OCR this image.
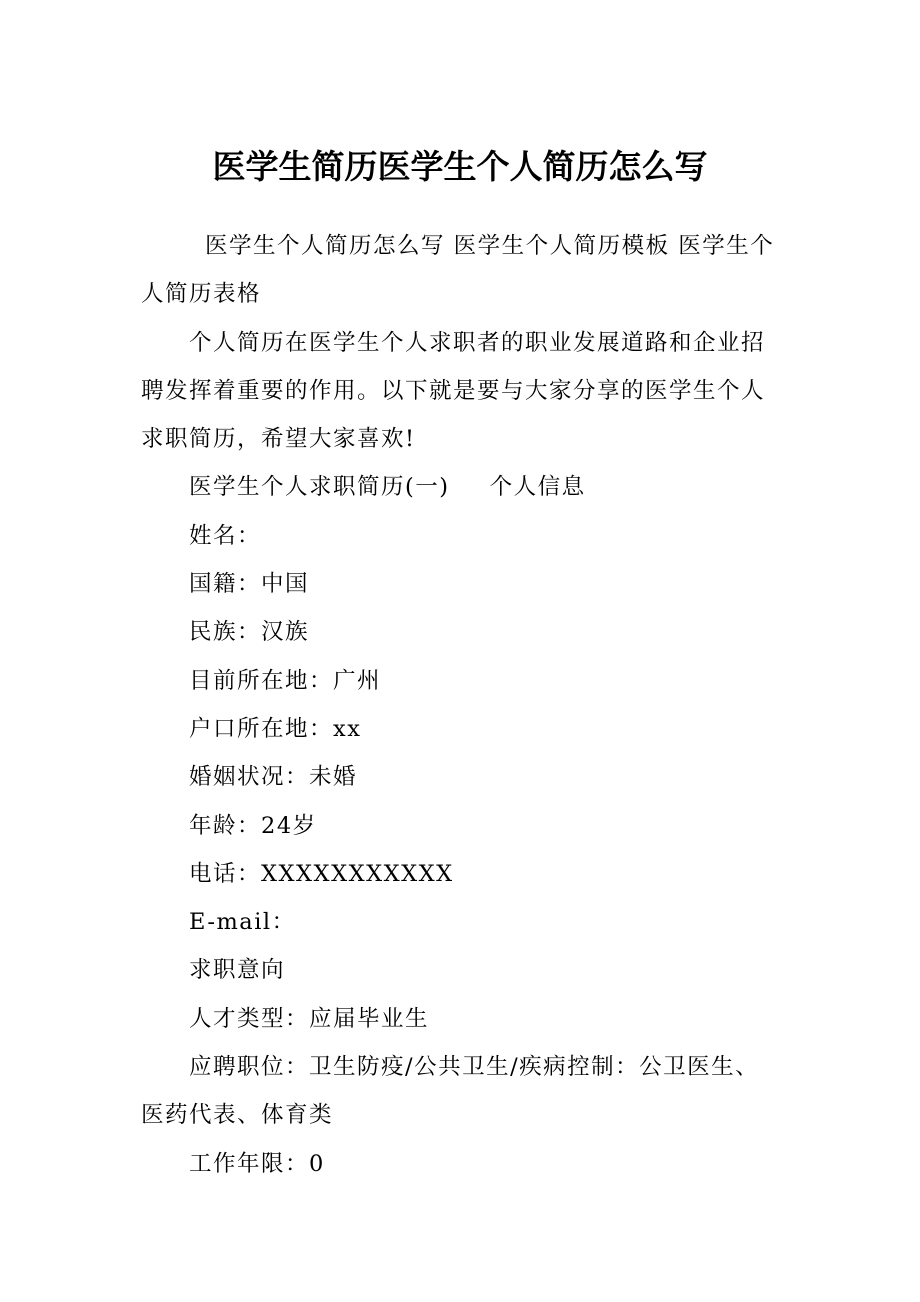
医学生简历医学生个人简历怎么写

医学生个人简历怎么写 医学生个人简历模板 医学生个人简历表格

个人简历在医学生个人求职者的职业发展道路和企业招聘发挥着重要的作用。以下就是要与大家分享的医学生个人求职简历，希望大家喜欢!

医学生个人求职简历(一) 个人信息

姓名：

国籍：中国

民族：汉族

目前所在地：广州

户口所在地：xx

婚姻状况：未婚

年龄：24岁

电话：XXXXXXXXXXX

E-mail：

求职意向

人才类型：应届毕业生

应聘职位：卫生防疫/公共卫生/疾病控制：公卫医生、医药代表、体育类

工作年限：0
